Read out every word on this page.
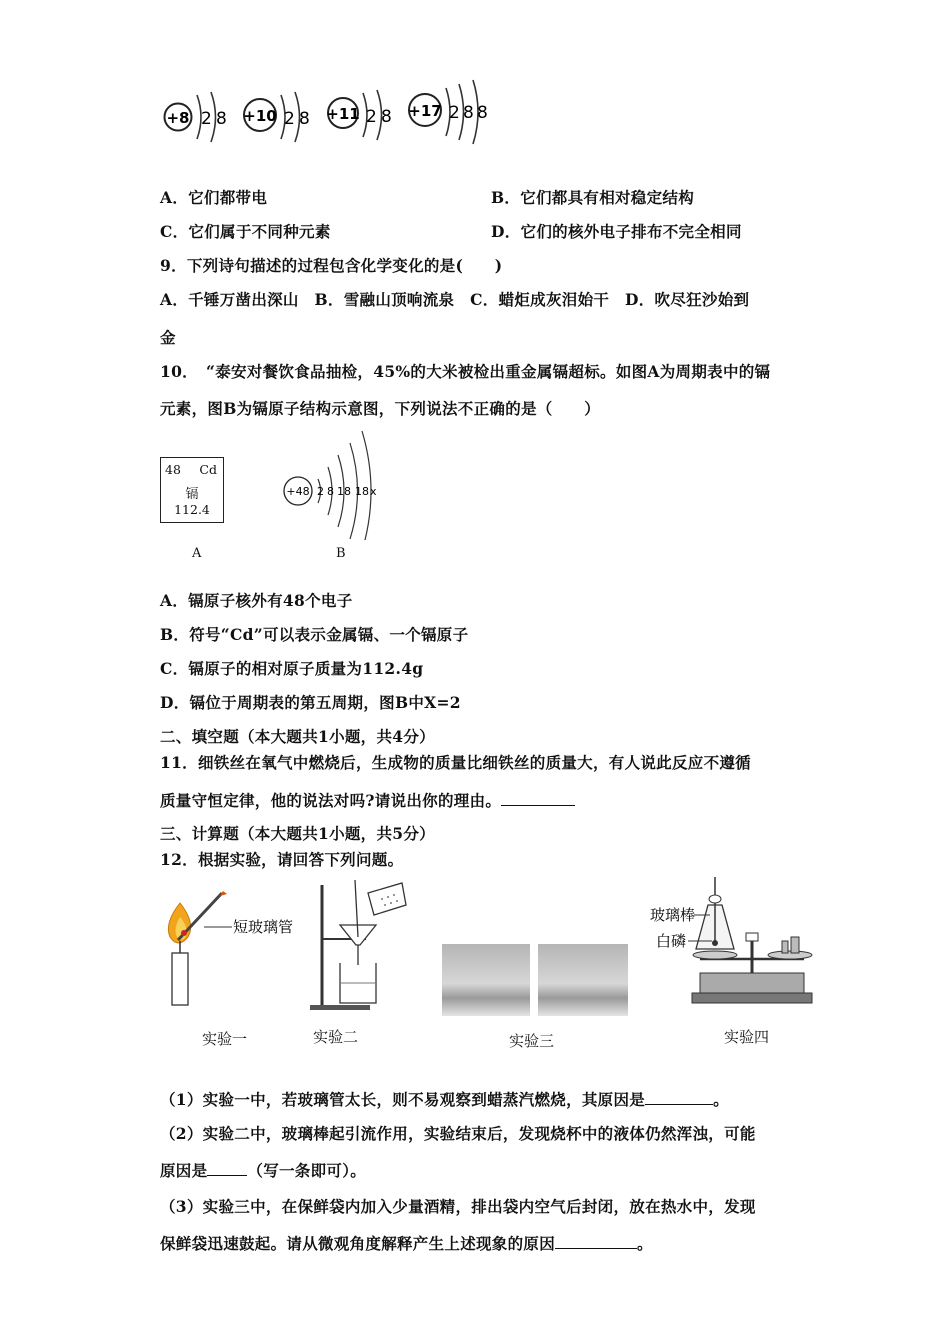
+8 2 8 +10 2 8 +11 2 8 +17 2 8 8
A．它们都带电	B．它们都具有相对稳定结构
C．它们属于不同种元素	D．它们的核外电子排布不完全相同
9．下列诗句描述的过程包含化学变化的是(　　)
A．千锤万凿出深山　B．雪融山顶响流泉　C．蜡炬成灰泪始干　D．吹尽狂沙始到
金
10．　“泰安对餐饮食品抽检，45%的大米被检出重金属镉超标。如图A为周期表中的镉
元素，图B为镉原子结构示意图，下列说法不正确的是（　　）
48 Cd
镉
112.4
A
+48 2 8 18 18 x
B
A．镉原子核外有48个电子
B．符号“Cd”可以表示金属镉、一个镉原子
C．镉原子的相对原子质量为112.4g
D．镉位于周期表的第五周期，图B中X=2
二、填空题（本大题共1小题，共4分）
11．细铁丝在氧气中燃烧后，生成物的质量比细铁丝的质量大，有人说此反应不遵循
质量守恒定律，他的说法对吗?请说出你的理由。
三、计算题（本大题共1小题，共5分）
12．根据实验，请回答下列问题。
短玻璃管
玻璃棒
白磷
实验一	实验二	实验三	实验四
（1）实验一中，若玻璃管太长，则不易观察到蜡蒸汽燃烧，其原因是	。
（2）实验二中，玻璃棒起引流作用，实验结束后，发现烧杯中的液体仍然浑浊，可能
原因是	（写一条即可）。
（3）实验三中，在保鲜袋内加入少量酒精，排出袋内空气后封闭，放在热水中，发现
保鲜袋迅速鼓起。请从微观角度解释产生上述现象的原因	。
